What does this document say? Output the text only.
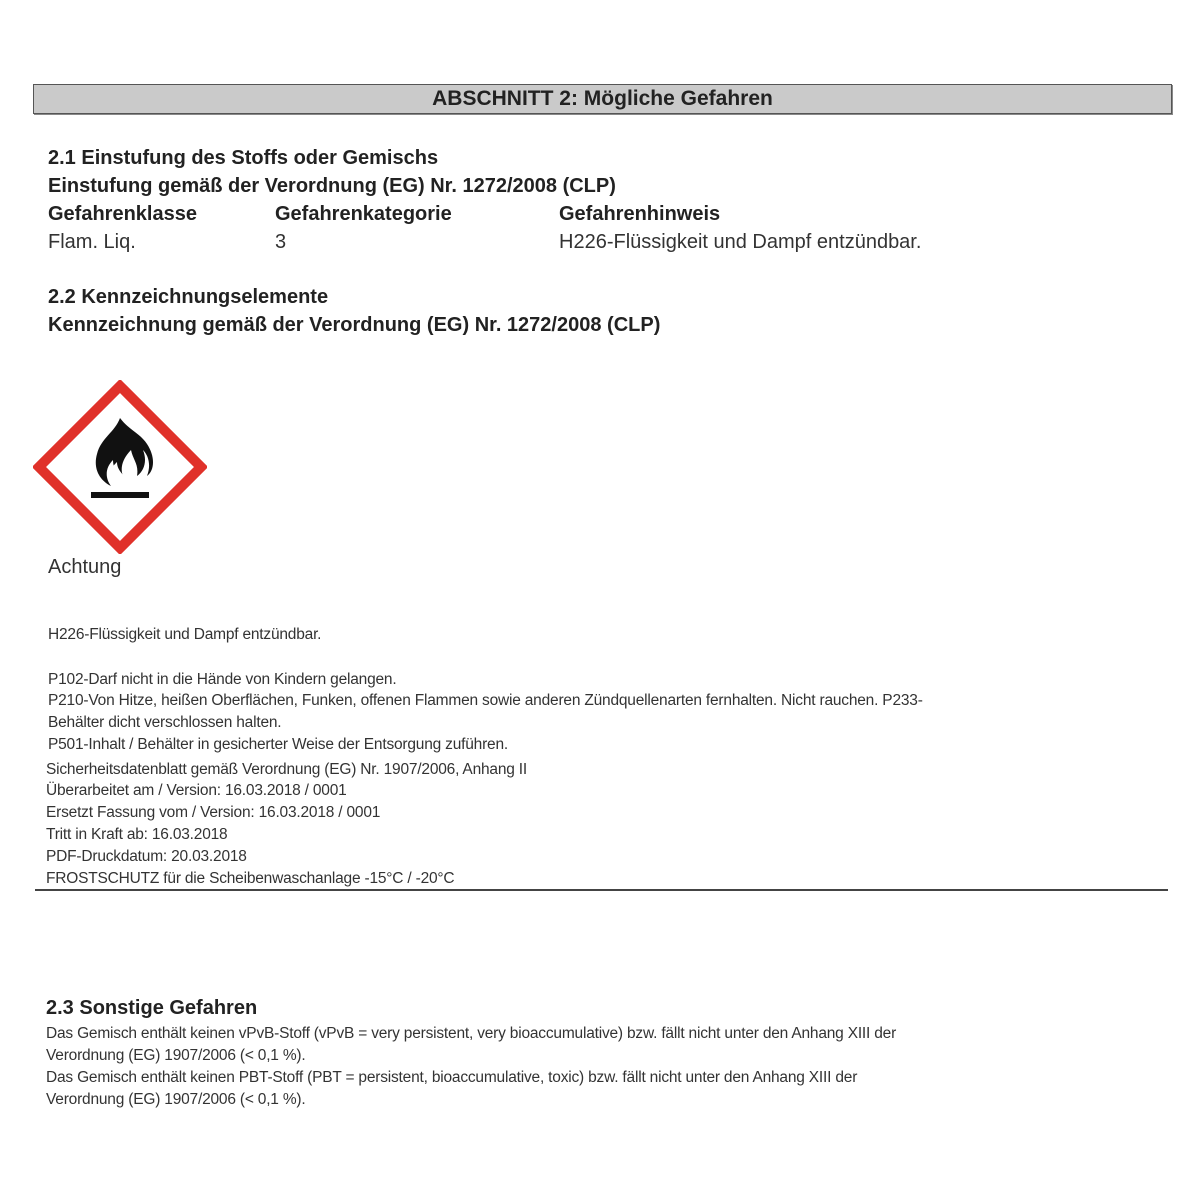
ABSCHNITT 2: Mögliche Gefahren
2.1 Einstufung des Stoffs oder Gemischs
Einstufung gemäß der Verordnung (EG) Nr. 1272/2008 (CLP)
Gefahrenklasse	Gefahrenkategorie	Gefahrenhinweis
Flam. Liq.	3	H226-Flüssigkeit und Dampf entzündbar.
2.2 Kennzeichnungselemente
Kennzeichnung gemäß der Verordnung (EG) Nr. 1272/2008 (CLP)
Achtung
H226-Flüssigkeit und Dampf entzündbar.
P102-Darf nicht in die Hände von Kindern gelangen.
P210-Von Hitze, heißen Oberflächen, Funken, offenen Flammen sowie anderen Zündquellenarten fernhalten. Nicht rauchen. P233-
Behälter dicht verschlossen halten.
P501-Inhalt / Behälter in gesicherter Weise der Entsorgung zuführen.
Sicherheitsdatenblatt gemäß Verordnung (EG) Nr. 1907/2006, Anhang II
Überarbeitet am / Version: 16.03.2018 / 0001
Ersetzt Fassung vom / Version: 16.03.2018 / 0001
Tritt in Kraft ab: 16.03.2018
PDF-Druckdatum: 20.03.2018
FROSTSCHUTZ für die Scheibenwaschanlage -15°C / -20°C
2.3 Sonstige Gefahren
Das Gemisch enthält keinen vPvB-Stoff (vPvB = very persistent, very bioaccumulative) bzw. fällt nicht unter den Anhang XIII der
Verordnung (EG) 1907/2006 (< 0,1 %).
Das Gemisch enthält keinen PBT-Stoff (PBT = persistent, bioaccumulative, toxic) bzw. fällt nicht unter den Anhang XIII der
Verordnung (EG) 1907/2006 (< 0,1 %).
